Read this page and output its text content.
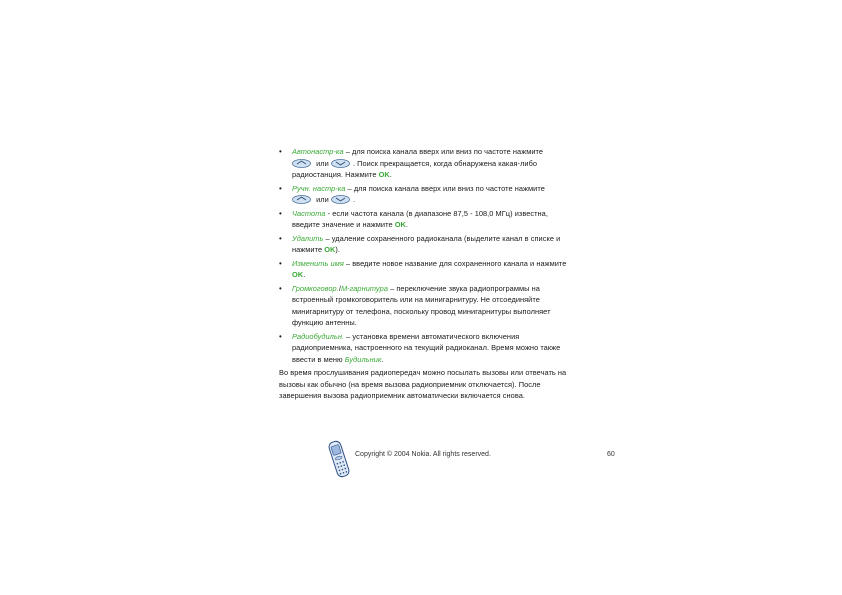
• Автонастр-ка – для поиска канала вверх или вниз по частоте нажмите

или	. Поиск прекращается, когда обнаружена какая-либо радиостанция. Нажмите OK.
• Ручн. настр-ка – для поиска канала вверх или вниз по частоте нажмите

или	.
• Частота - если частота канала (в диапазоне 87,5 - 108,0 МГц) известна, введите значение и нажмите OK.
• Удалить – удаление сохраненного радиоканала (выделите канал в списке и нажмите OK).
• Изменить имя – введите новое название для сохраненного канала и нажмите OK.
• Громкоговор./М-гарнитура – переключение звука радиопрограммы на встроенный громкоговоритель или на минигарнитуру. Не отсоединяйте минигарнитуру от телефона, поскольку провод минигарнитуры выполняет функцию антенны.
• Радиобудильн. – установка времени автоматического включения радиоприемника, настроенного на текущий радиоканал. Время можно также ввести в меню Будильник.
Во время прослушивания радиопередач можно посылать вызовы или отвечать на вызовы как обычно (на время вызова радиоприемник отключается). После завершения вызова радиоприемник автоматически включается снова.
Copyright © 2004 Nokia. All rights reserved.	60
